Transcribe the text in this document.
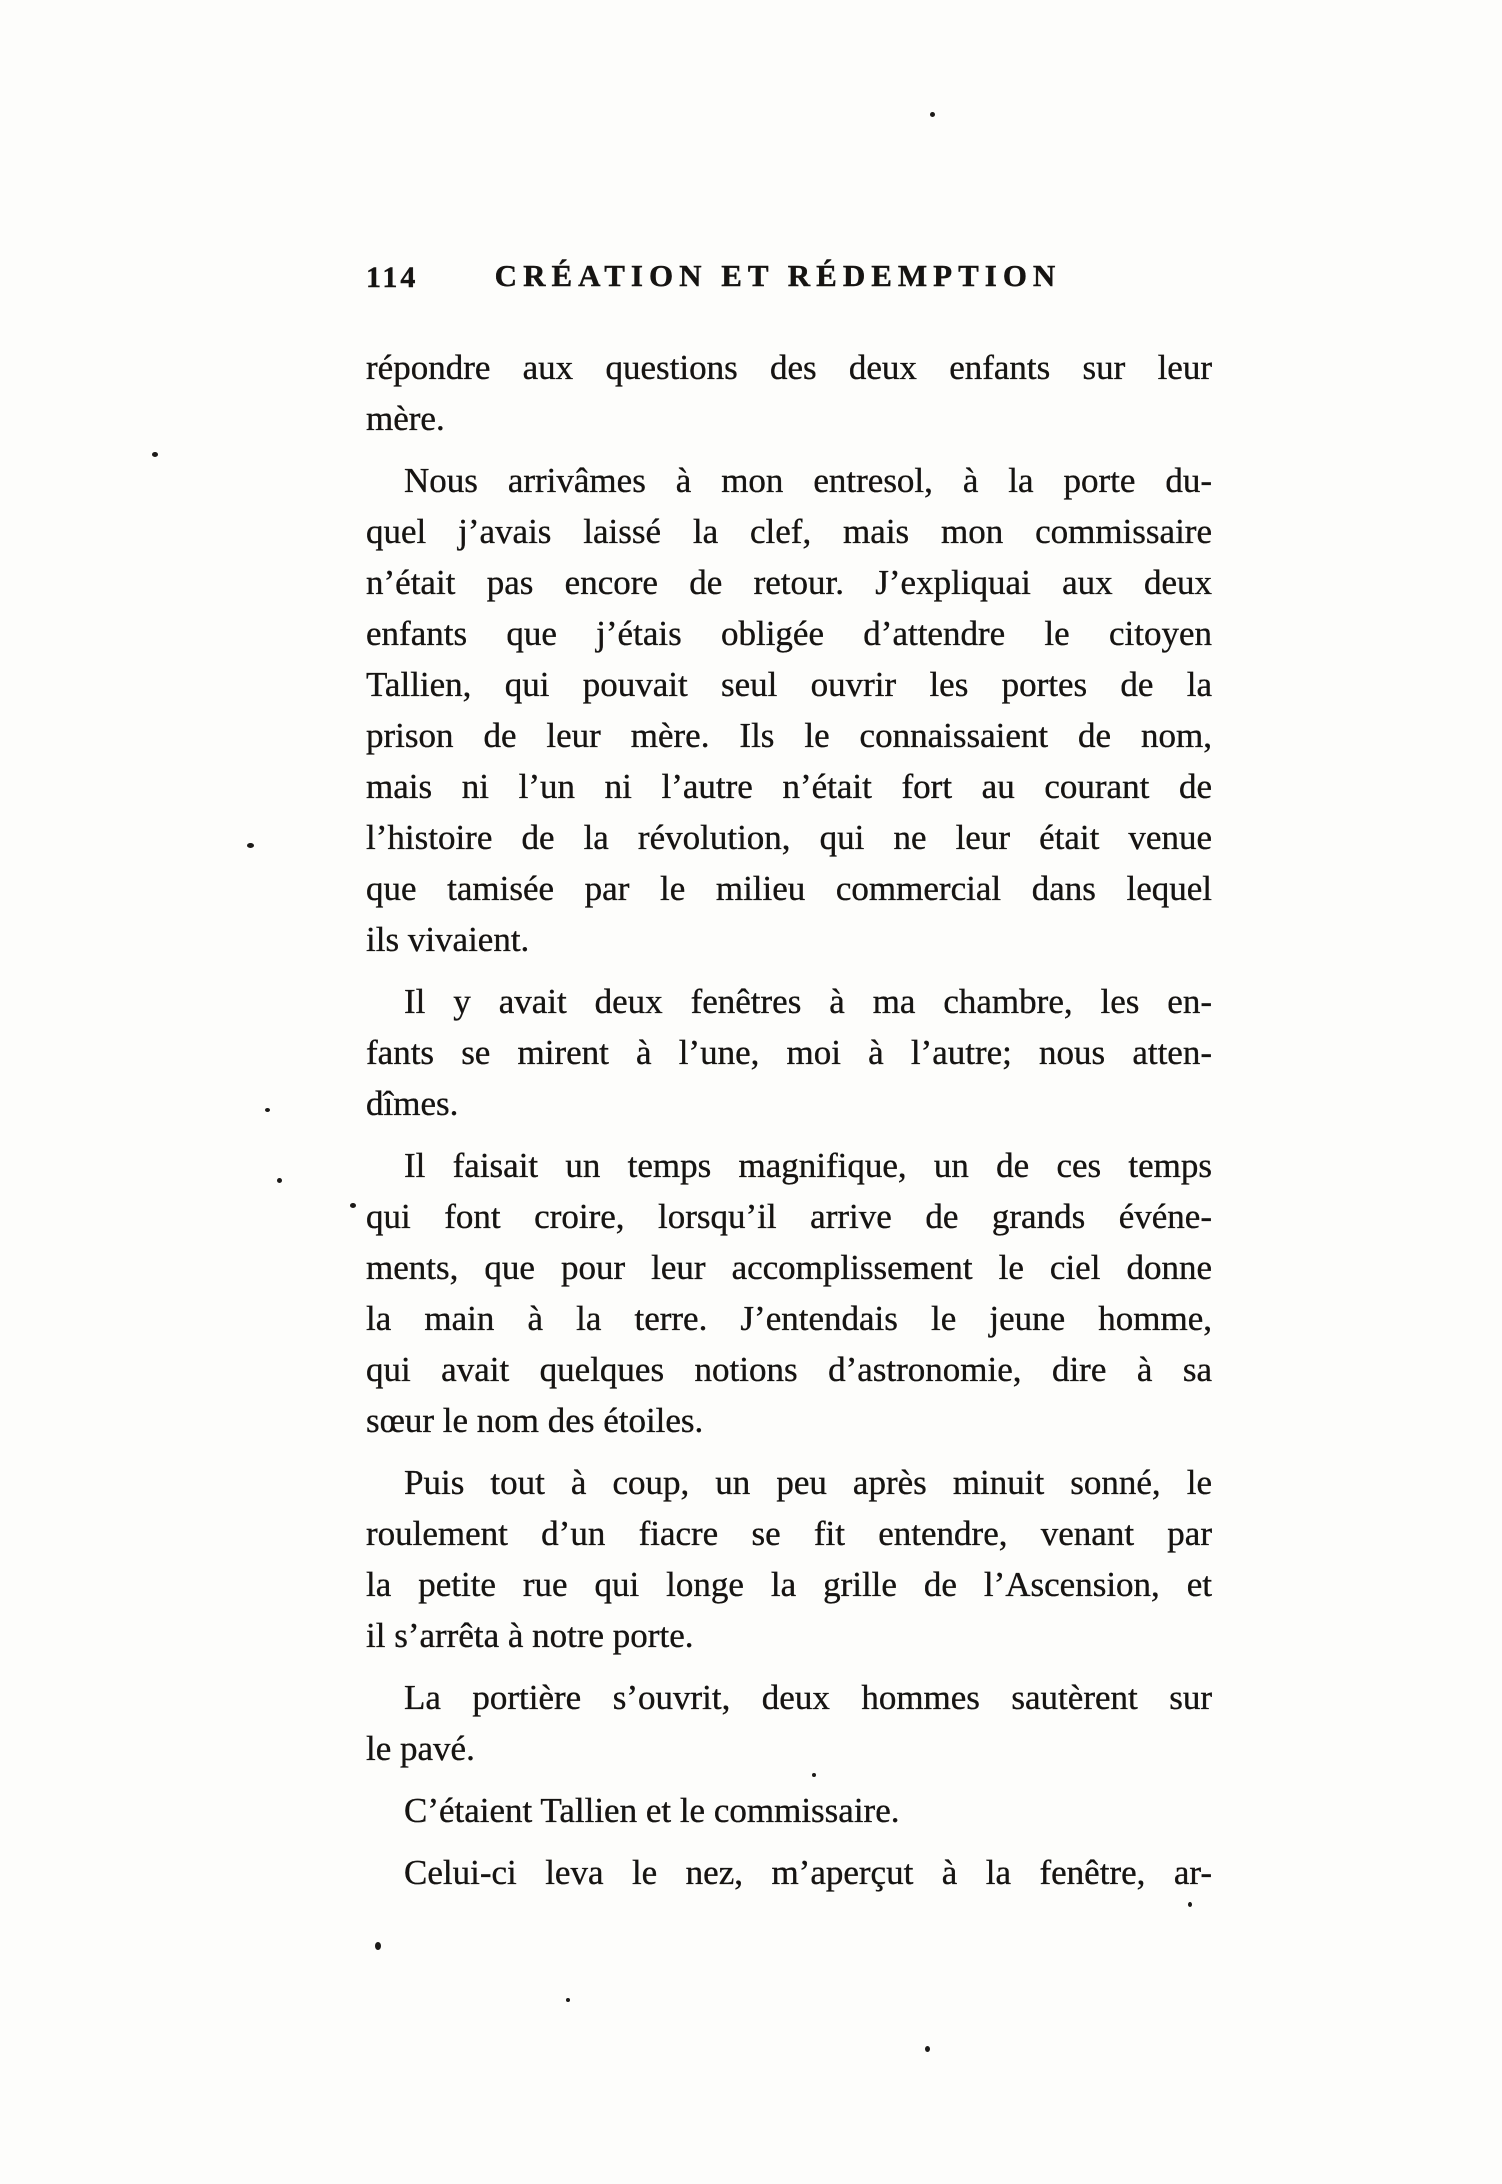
114 CRÉATION ET RÉDEMPTION
répondre aux questions des deux enfants sur leur
mère.
Nous arrivâmes à mon entresol, à la porte du-
quel j’avais laissé la clef, mais mon commissaire
n’était pas encore de retour. J’expliquai aux deux
enfants que j’étais obligée d’attendre le citoyen
Tallien, qui pouvait seul ouvrir les portes de la
prison de leur mère. Ils le connaissaient de nom,
mais ni l’un ni l’autre n’était fort au courant de
l’histoire de la révolution, qui ne leur était venue
que tamisée par le milieu commercial dans lequel
ils vivaient.
Il y avait deux fenêtres à ma chambre, les en-
fants se mirent à l’une, moi à l’autre; nous atten-
dîmes.
Il faisait un temps magnifique, un de ces temps
qui font croire, lorsqu’il arrive de grands événe-
ments, que pour leur accomplissement le ciel donne
la main à la terre. J’entendais le jeune homme,
qui avait quelques notions d’astronomie, dire à sa
sœur le nom des étoiles.
Puis tout à coup, un peu après minuit sonné, le
roulement d’un fiacre se fit entendre, venant par
la petite rue qui longe la grille de l’Ascension, et
il s’arrêta à notre porte.
La portière s’ouvrit, deux hommes sautèrent sur
le pavé.
C’étaient Tallien et le commissaire.
Celui-ci leva le nez, m’aperçut à la fenêtre, ar-
